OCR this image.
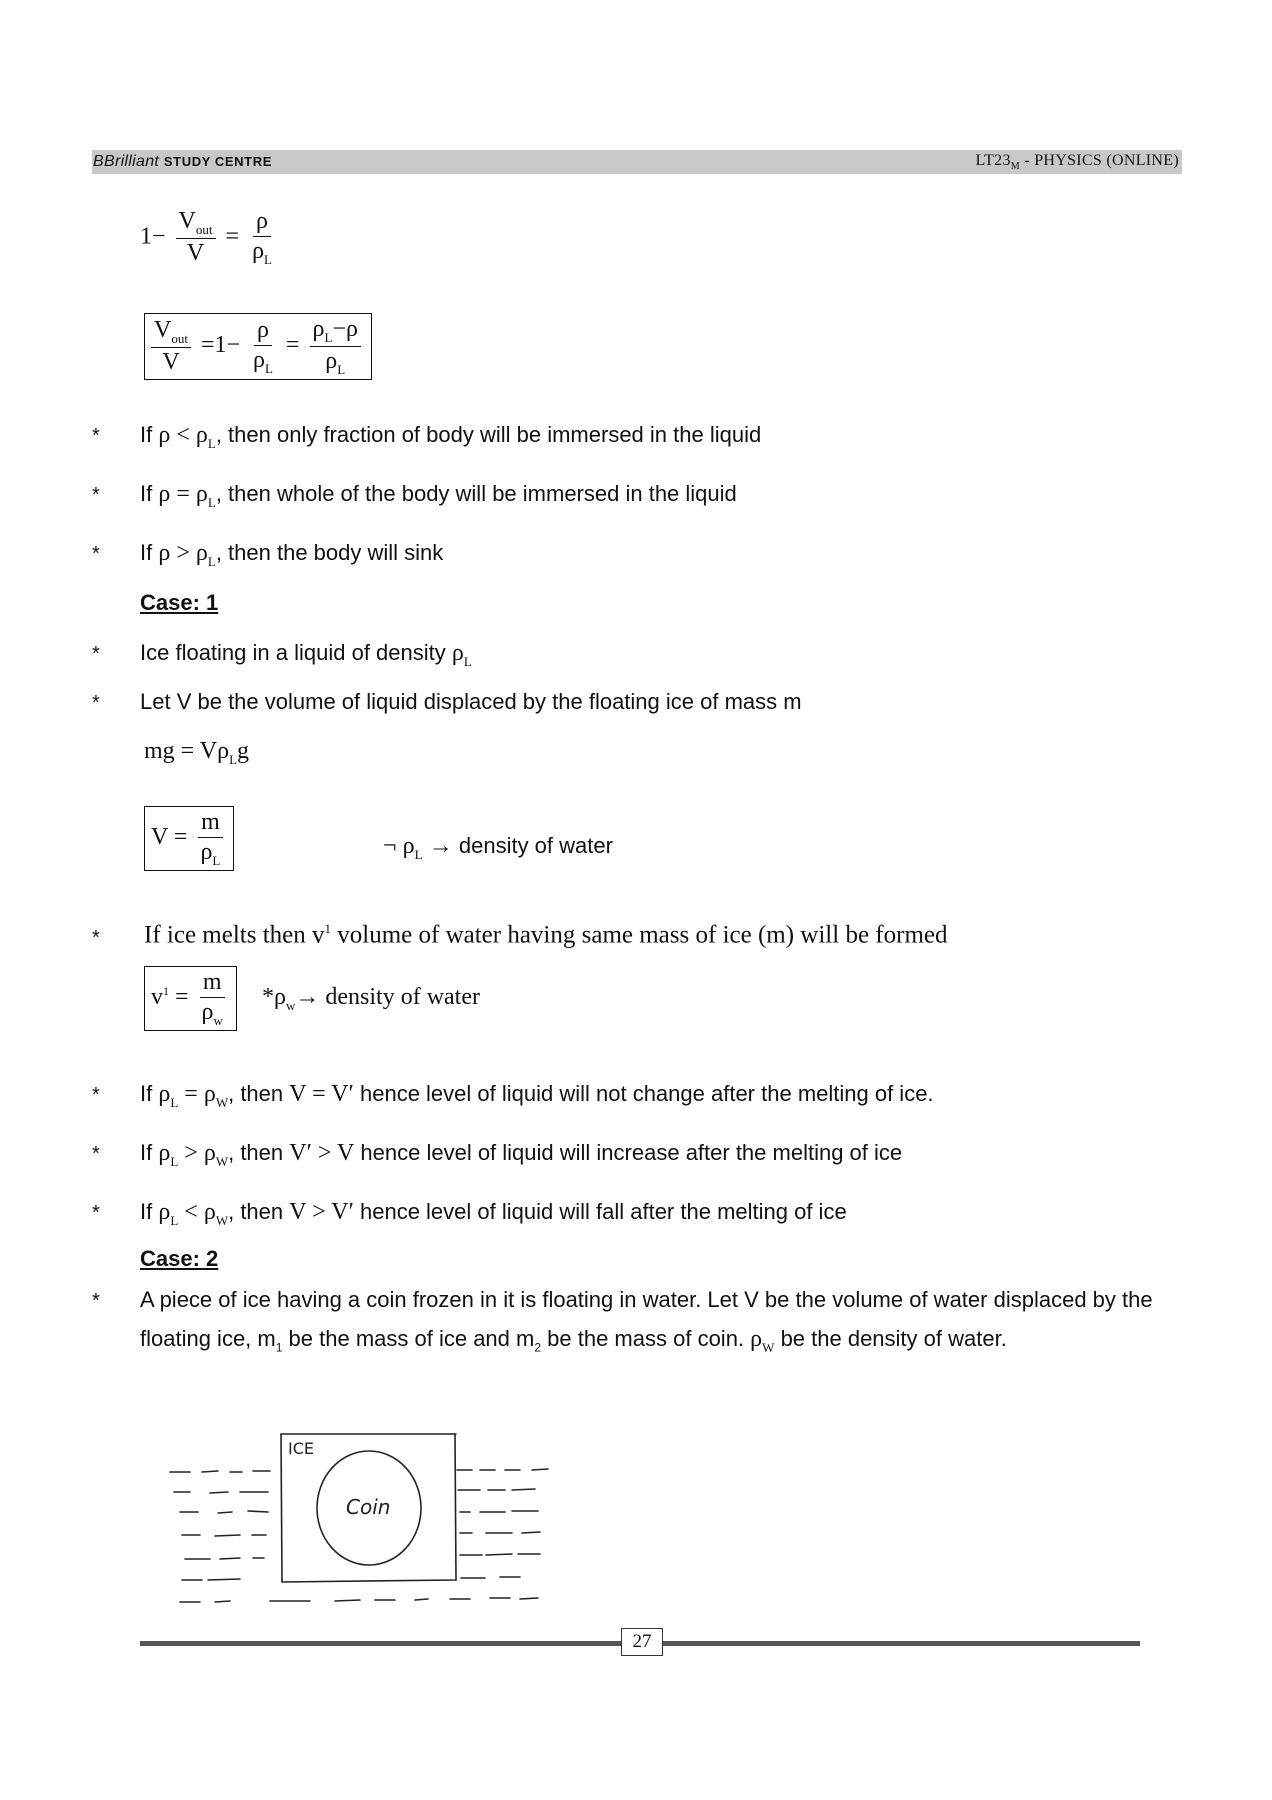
BBrilliant STUDY CENTRE	$LT23_M$ - PHYSICS (ONLINE)
$1- \frac{V_{out}}{V} = \frac{\rho}{\rho_L}$
$\frac{V_{out}}{V} =1- \frac{\rho}{\rho_L} = \frac{\rho_L-\rho}{\rho_L}$
* If $\rho < \rho_L$, then only fraction of body will be immersed in the liquid
* If $\rho = \rho_L$, then whole of the body will be immersed in the liquid
* If $\rho > \rho_L$, then the body will sink
Case: 1
* Ice floating in a liquid of density $\rho_L$
* Let V be the volume of liquid displaced by the floating ice of mass m
mg = $V\rho_Lg$
$V = \frac{m}{\rho_L}$	¬ $\rho_L$ → density of water
* If ice melts then $v^1$ volume of water having same mass of ice (m) will be formed
$v^1 = \frac{m}{\rho_w} *\rho_w\to$ density of water
* If $\rho_L = \rho_W$, then V = V′ hence level of liquid will not change after the melting of ice.
* If $\rho_L > \rho_W$, then V′ > V hence level of liquid will increase after the melting of ice
* If $\rho_L < \rho_W$, then V > V′ hence level of liquid will fall after the melting of ice
Case: 2
* A piece of ice having a coin frozen in it is floating in water. Let V be the volume of water displaced by the
floating ice, $m_1$ be the mass of ice and $m_2$ be the mass of coin. $\rho_W$ be the density of water.
ICE
Coin
27
